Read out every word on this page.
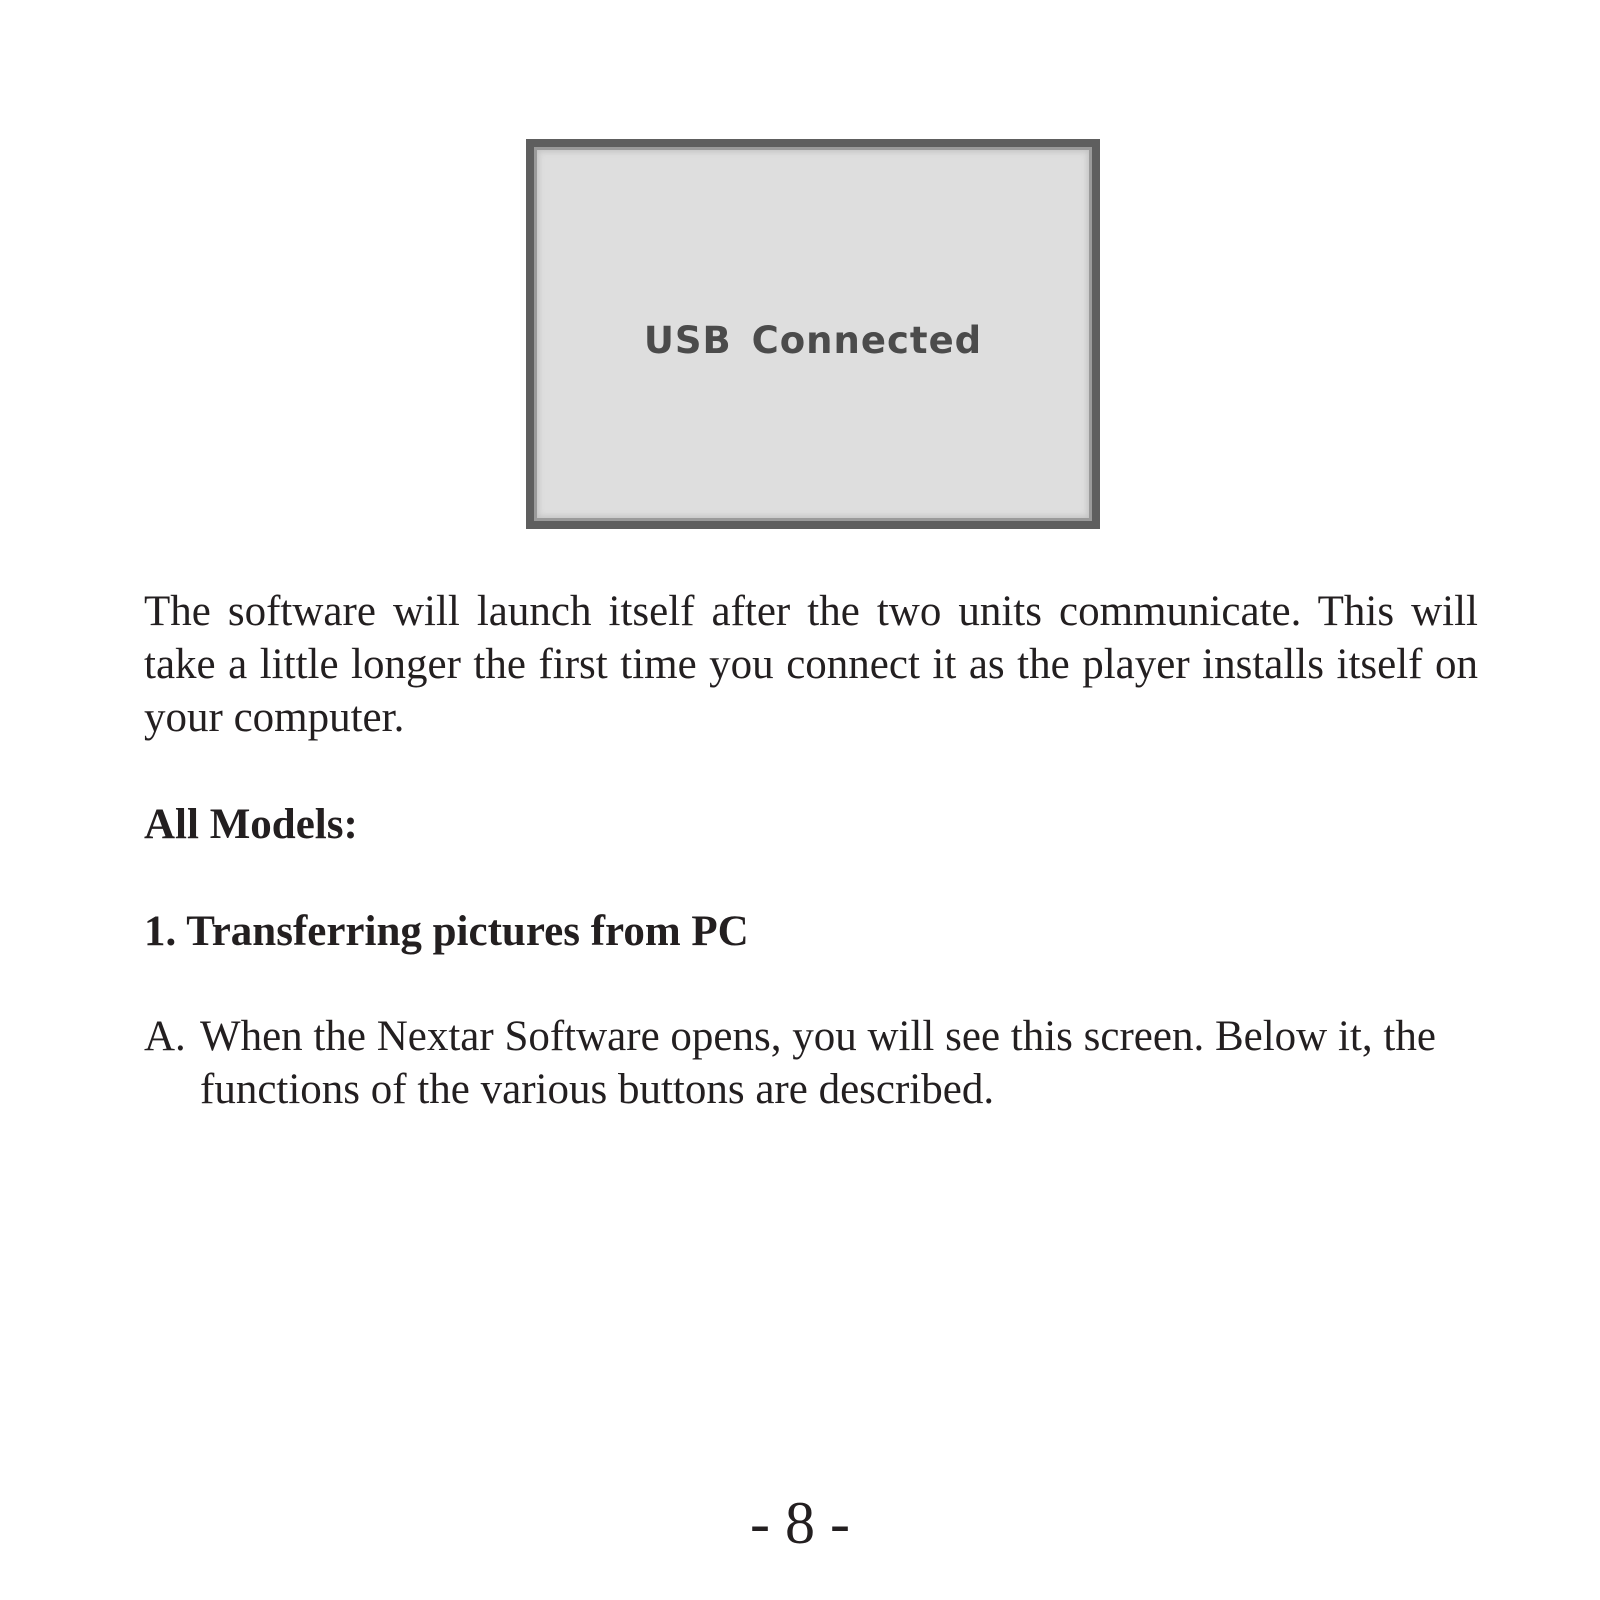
USB Connected

The software will launch itself after the two units communicate. This will take a little longer the first time you connect it as the player installs itself on your computer.

All Models:

1. Transferring pictures from PC

A. When the Nextar Software opens, you will see this screen. Below it, the functions of the various buttons are described.
- 8 -
